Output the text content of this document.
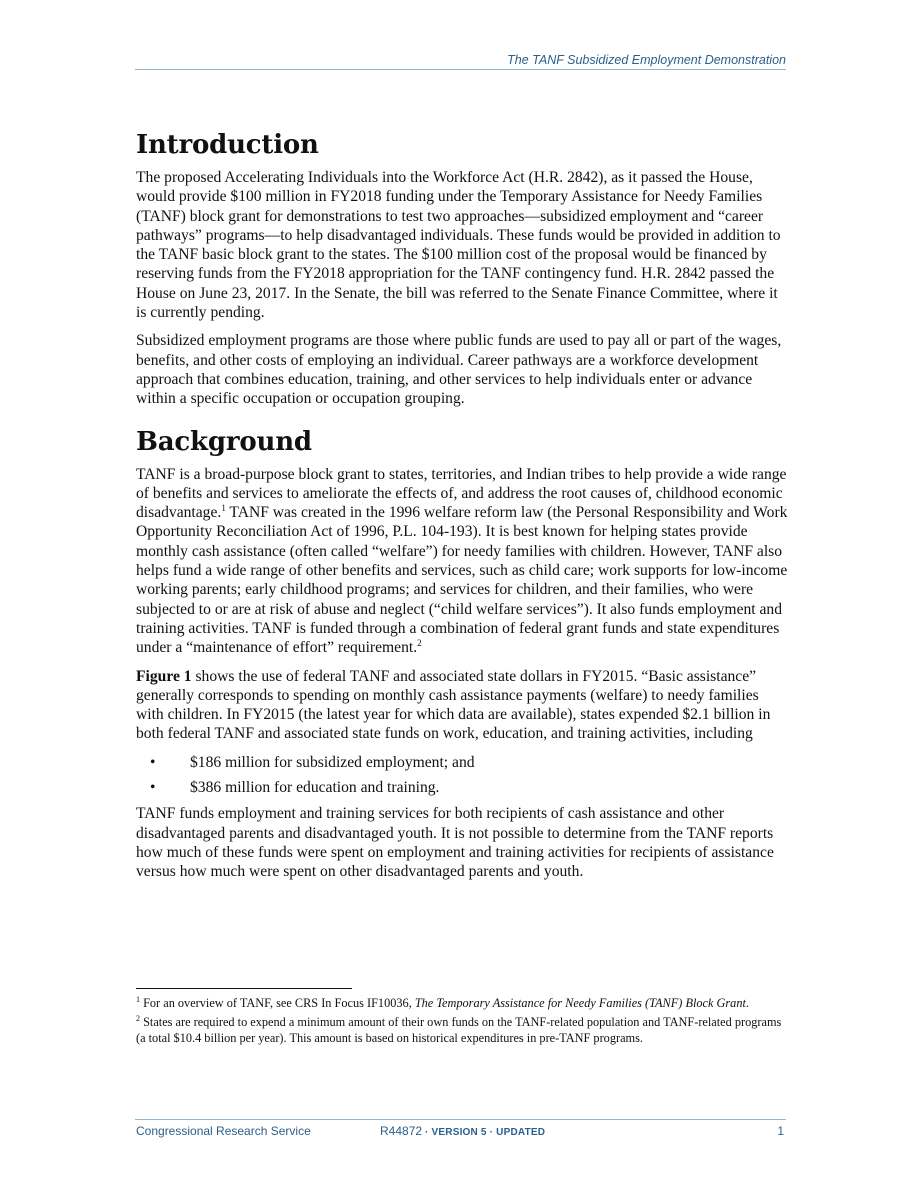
The TANF Subsidized Employment Demonstration
Introduction

The proposed Accelerating Individuals into the Workforce Act (H.R. 2842), as it passed the House, would provide $100 million in FY2018 funding under the Temporary Assistance for Needy Families (TANF) block grant for demonstrations to test two approaches—subsidized employment and “career pathways” programs—to help disadvantaged individuals. These funds would be provided in addition to the TANF basic block grant to the states. The $100 million cost of the proposal would be financed by reserving funds from the FY2018 appropriation for the TANF contingency fund. H.R. 2842 passed the House on June 23, 2017. In the Senate, the bill was referred to the Senate Finance Committee, where it is currently pending.

Subsidized employment programs are those where public funds are used to pay all or part of the wages, benefits, and other costs of employing an individual. Career pathways are a workforce development approach that combines education, training, and other services to help individuals enter or advance within a specific occupation or occupation grouping.

Background

TANF is a broad-purpose block grant to states, territories, and Indian tribes to help provide a wide range of benefits and services to ameliorate the effects of, and address the root causes of, childhood economic disadvantage.$^1$ TANF was created in the 1996 welfare reform law (the Personal Responsibility and Work Opportunity Reconciliation Act of 1996, P.L. 104-193). It is best known for helping states provide monthly cash assistance (often called “welfare”) for needy families with children. However, TANF also helps fund a wide range of other benefits and services, such as child care; work supports for low-income working parents; early childhood programs; and services for children, and their families, who were subjected to or are at risk of abuse and neglect (“child welfare services”). It also funds employment and training activities. TANF is funded through a combination of federal grant funds and state expenditures under a “maintenance of effort” requirement.$^2$

Figure 1 shows the use of federal TANF and associated state dollars in FY2015. “Basic assistance” generally corresponds to spending on monthly cash assistance payments (welfare) to needy families with children. In FY2015 (the latest year for which data are available), states expended $2.1 billion in both federal TANF and associated state funds on work, education, and training activities, including

• $186 million for subsidized employment; and
• $386 million for education and training.

TANF funds employment and training services for both recipients of cash assistance and other disadvantaged parents and disadvantaged youth. It is not possible to determine from the TANF reports how much of these funds were spent on employment and training activities for recipients of assistance versus how much were spent on other disadvantaged parents and youth.

$^1$ For an overview of TANF, see CRS In Focus IF10036, The Temporary Assistance for Needy Families (TANF) Block Grant.

$^2$ States are required to expend a minimum amount of their own funds on the TANF-related population and TANF-related programs (a total $10.4 billion per year). This amount is based on historical expenditures in pre-TANF programs.

Congressional Research Service	R44872 · VERSION 5 · UPDATED	1
